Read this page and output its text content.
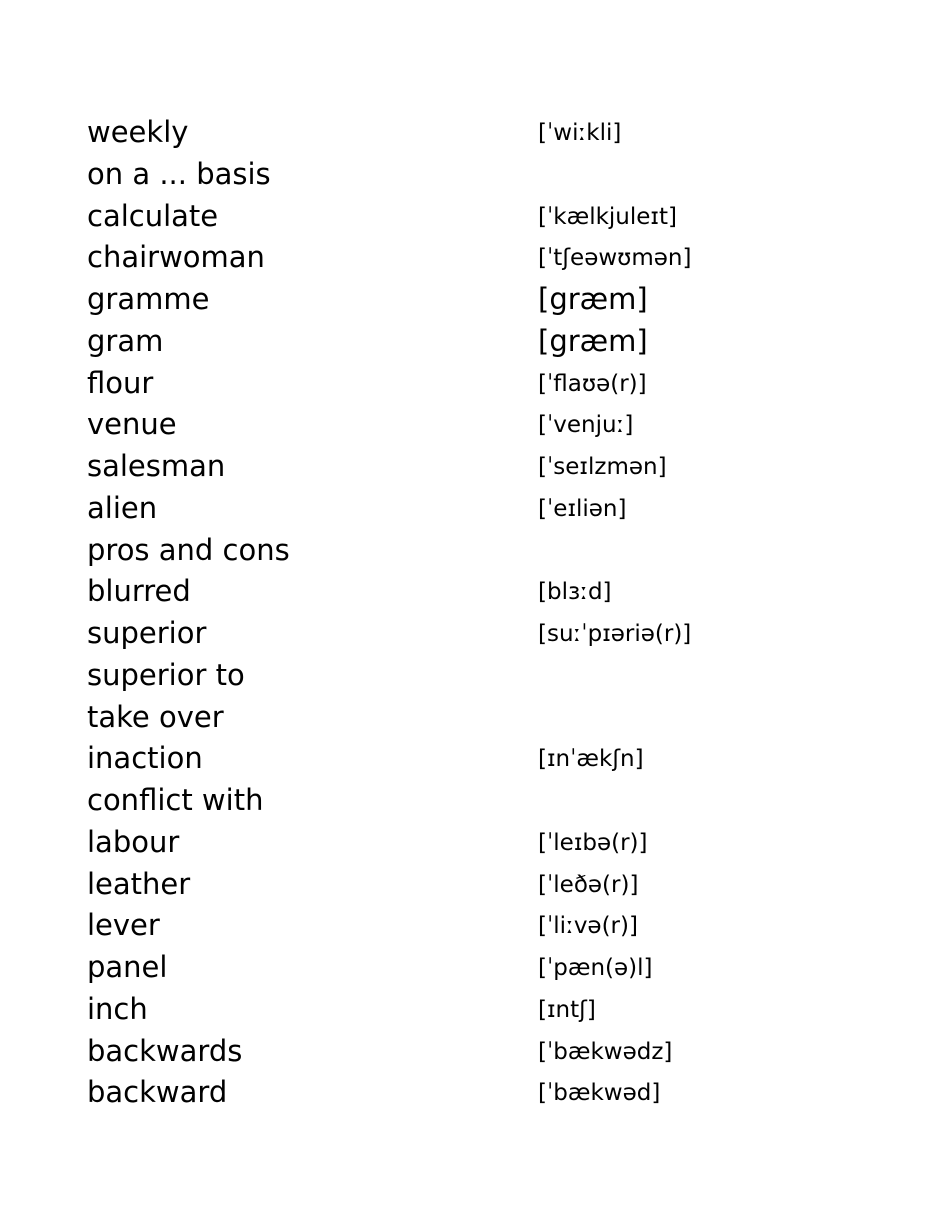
weekly	[ˈwiːkli]
on a ... basis
calculate	[ˈkælkjuleɪt]
chairwoman	[ˈtʃeəwʊmən]
gramme	[græm]
gram	[græm]
flour	[ˈflaʊə(r)]
venue	[ˈvenjuː]
salesman	[ˈseɪlzmən]
alien	[ˈeɪliən]
pros and cons
blurred	[blɜːd]
superior	[suːˈpɪəriə(r)]
superior to
take over
inaction	[ɪnˈækʃn]
conflict with
labour	[ˈleɪbə(r)]
leather	[ˈleðə(r)]
lever	[ˈliːvə(r)]
panel	[ˈpæn(ə)l]
inch	[ɪntʃ]
backwards	[ˈbækwədz]
backward	[ˈbækwəd]
